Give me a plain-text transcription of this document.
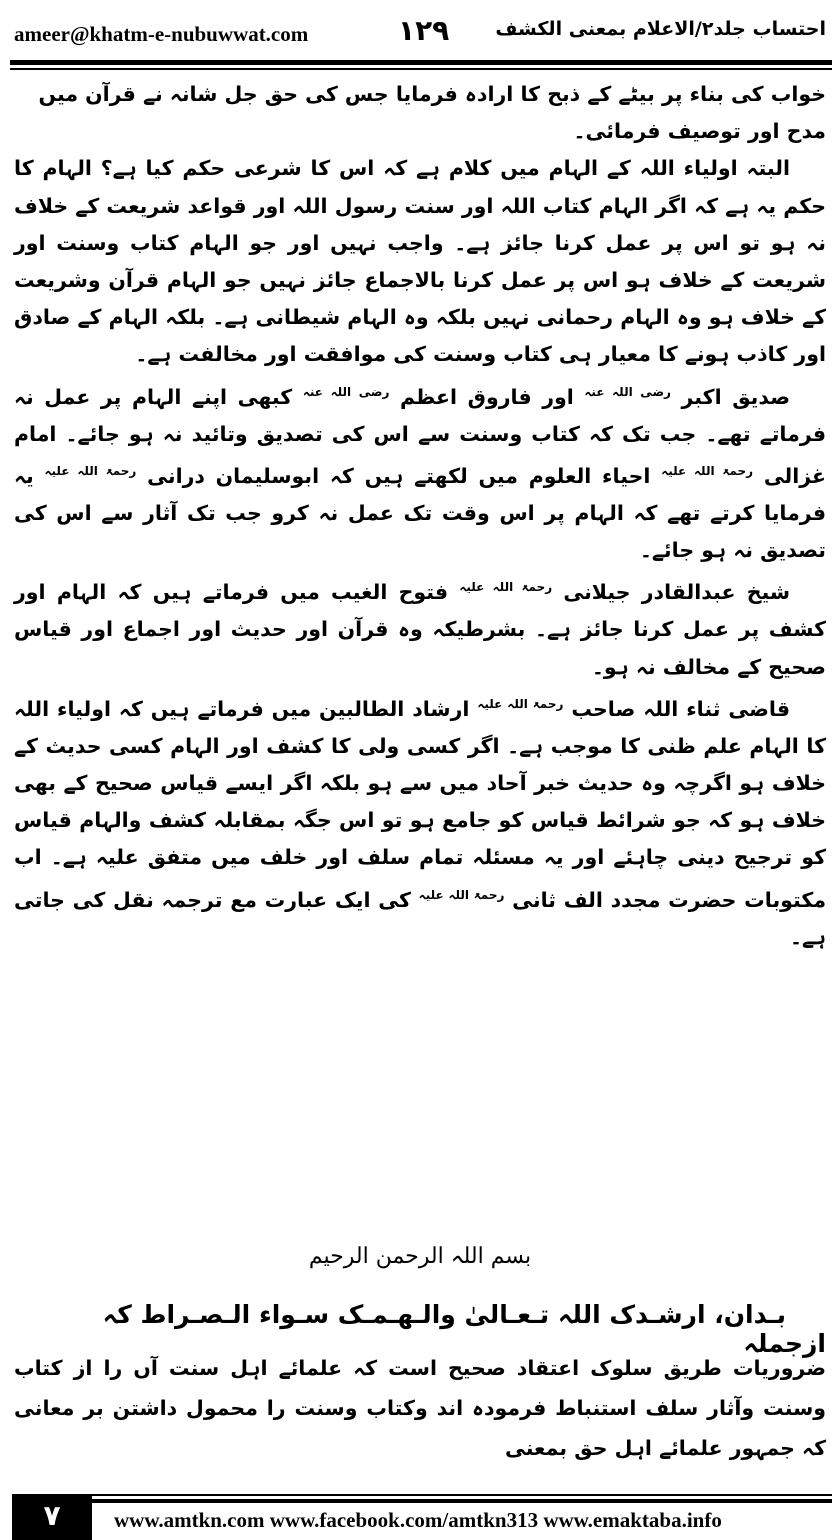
ameer@khatm-e-nubuwwat.com	١٢٩ احتساب جلد۲/الاعلام بمعنی الکشف

خواب کی بناء پر بیٹے کے ذبح کا ارادہ فرمایا جس کی حق جل شانہ نے قرآن میں مدح اور توصیف فرمائی۔

البتہ اولیاء اللہ کے الہام میں کلام ہے کہ اس کا شرعی حکم کیا ہے؟ الہام کا حکم یہ ہے کہ اگر الہام کتاب اللہ اور سنت رسول اللہ اور قواعد شریعت کے خلاف نہ ہو تو اس پر عمل کرنا جائز ہے۔ واجب نہیں اور جو الہام کتاب وسنت اور شریعت کے خلاف ہو اس پر عمل کرنا بالاجماع جائز نہیں جو الہام قرآن وشریعت کے خلاف ہو وہ الہام رحمانی نہیں بلکہ وہ الہام شیطانی ہے۔ بلکہ الہام کے صادق اور کاذب ہونے کا معیار ہی کتاب وسنت کی موافقت اور مخالفت ہے۔

صدیق اکبر $^{رضی اللہ عنہ}$ اور فاروق اعظم $^{رضی اللہ عنہ}$ کبھی اپنے الہام پر عمل نہ فرماتے تھے۔ جب تک کہ کتاب وسنت سے اس کی تصدیق وتائید نہ ہو جائے۔ امام غزالی $^{رحمۃ اللہ علیہ}$ احیاء العلوم میں لکھتے ہیں کہ ابوسلیمان درانی $^{رحمۃ اللہ علیہ}$ یہ فرمایا کرتے تھے کہ الہام پر اس وقت تک عمل نہ کرو جب تک آثار سے اس کی تصدیق نہ ہو جائے۔

شیخ عبدالقادر جیلانی $^{رحمۃ اللہ علیہ}$ فتوح الغیب میں فرماتے ہیں کہ الہام اور کشف پر عمل کرنا جائز ہے۔ بشرطیکہ وہ قرآن اور حدیث اور اجماع اور قیاس صحیح کے مخالف نہ ہو۔

قاضی ثناء اللہ صاحب $^{رحمۃ اللہ علیہ}$ ارشاد الطالبین میں فرماتے ہیں کہ اولیاء اللہ کا الہام علم ظنی کا موجب ہے۔ اگر کسی ولی کا کشف اور الہام کسی حدیث کے خلاف ہو اگرچہ وہ حدیث خبر آحاد میں سے ہو بلکہ اگر ایسے قیاس صحیح کے بھی خلاف ہو کہ جو شرائط قیاس کو جامع ہو تو اس جگہ بمقابلہ کشف والہام قیاس کو ترجیح دینی چاہئے اور یہ مسئلہ تمام سلف اور خلف میں متفق علیہ ہے۔ اب مکتوبات حضرت مجدد الف ثانی $^{رحمۃ اللہ علیہ}$ کی ایک عبارت مع ترجمہ نقل کی جاتی ہے۔

بسم اللہ الرحمن الرحیم
بـدان، ارشـدک اللہ تـعـالیٰ والـهـمـک سـواء الـصـراط کہ ازجملہ
ضروریات طریق سلوک اعتقاد صحیح است کہ علمائے اہل سنت آں را از کتاب وسنت وآثار سلف استنباط فرمودہ اند وکتاب وسنت را محمول داشتن بر معانی کہ جمہور علمائے اہل حق بمعنی
٧	www.amtkn.com www.facebook.com/amtkn313 www.emaktaba.info
